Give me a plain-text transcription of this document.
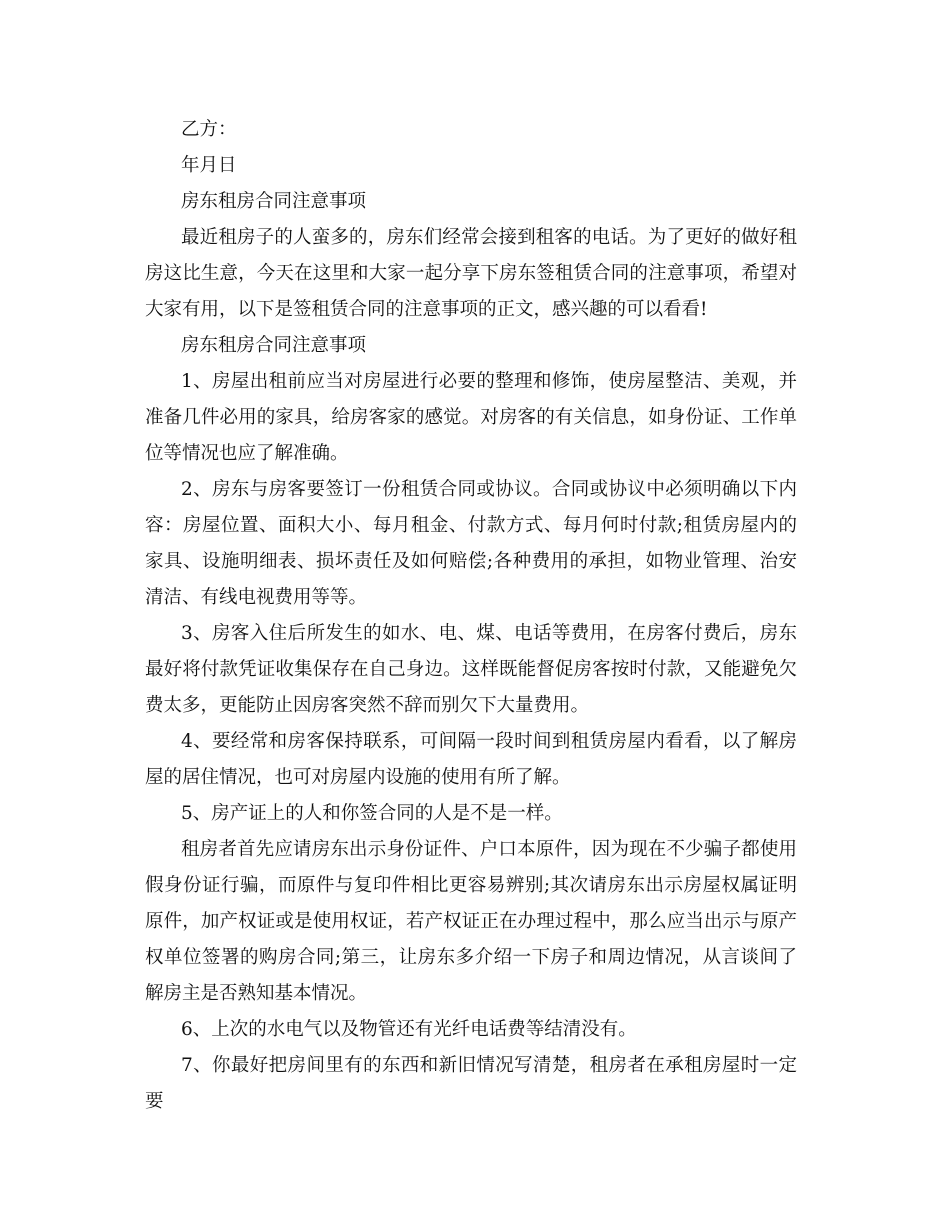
乙方：

年月日

房东租房合同注意事项

最近租房子的人蛮多的，房东们经常会接到租客的电话。为了更好的做好租房这比生意，今天在这里和大家一起分享下房东签租赁合同的注意事项，希望对大家有用，以下是签租赁合同的注意事项的正文，感兴趣的可以看看!

房东租房合同注意事项

1、房屋出租前应当对房屋进行必要的整理和修饰，使房屋整洁、美观，并准备几件必用的家具，给房客家的感觉。对房客的有关信息，如身份证、工作单位等情况也应了解准确。

2、房东与房客要签订一份租赁合同或协议。合同或协议中必须明确以下内容：房屋位置、面积大小、每月租金、付款方式、每月何时付款;租赁房屋内的家具、设施明细表、损坏责任及如何赔偿;各种费用的承担，如物业管理、治安清洁、有线电视费用等等。

3、房客入住后所发生的如水、电、煤、电话等费用，在房客付费后，房东最好将付款凭证收集保存在自己身边。这样既能督促房客按时付款，又能避免欠费太多，更能防止因房客突然不辞而别欠下大量费用。

4、要经常和房客保持联系，可间隔一段时间到租赁房屋内看看，以了解房屋的居住情况，也可对房屋内设施的使用有所了解。

5、房产证上的人和你签合同的人是不是一样。

租房者首先应请房东出示身份证件、户口本原件，因为现在不少骗子都使用假身份证行骗，而原件与复印件相比更容易辨别;其次请房东出示房屋权属证明原件，加产权证或是使用权证，若产权证正在办理过程中，那么应当出示与原产权单位签署的购房合同;第三，让房东多介绍一下房子和周边情况，从言谈间了解房主是否熟知基本情况。

6、上次的水电气以及物管还有光纤电话费等结清没有。

7、你最好把房间里有的东西和新旧情况写清楚，租房者在承租房屋时一定要
